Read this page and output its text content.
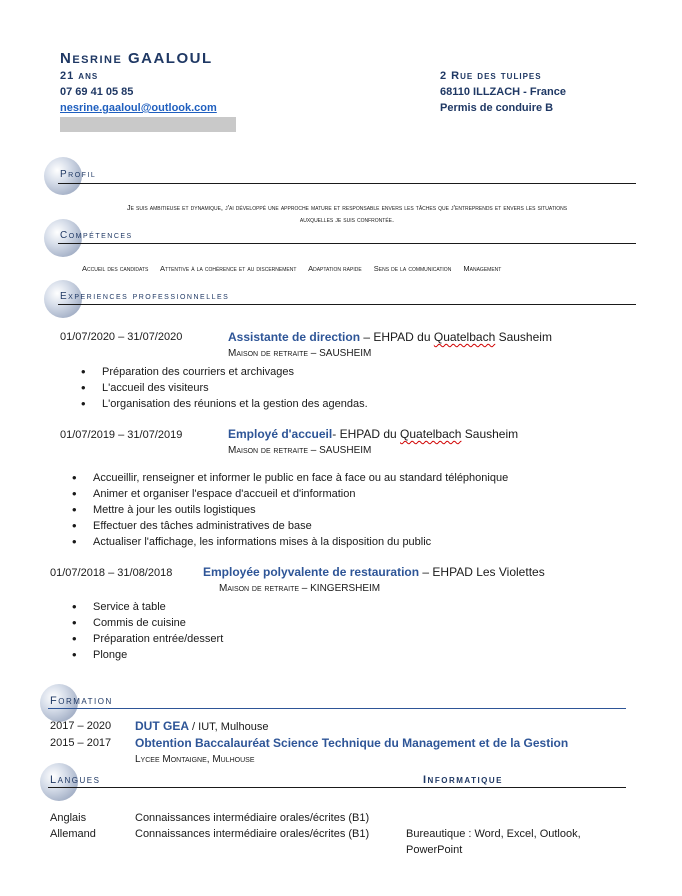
Nesrine GAALOUL
21 ans
07 69 41 05 85
nesrine.gaaloul@outlook.com
2 Rue des tulipes
68110 ILLZACH - France
Permis de conduire B
Profil
Je suis ambitieuse et dynamique, j'ai développé une approche mature et responsable envers les tâches que j'entreprends et envers les situations
auxquelles je suis confrontée.
Compétences
Accueil des candidats Attentive à la cohérence et au discernement Adaptation rapide Sens de la communication Management
Experiences professionnelles
01/07/2020 – 31/07/2020	Assistante de direction – EHPAD du Quatelbach Sausheim
Maison de retraite – SAUSHEIM
• Préparation des courriers et archivages
• L'accueil des visiteurs
• L'organisation des réunions et la gestion des agendas.
01/07/2019 – 31/07/2019	Employé d'accueil- EHPAD du Quatelbach Sausheim
Maison de retraite – SAUSHEIM
• Accueillir, renseigner et informer le public en face à face ou au standard téléphonique
• Animer et organiser l'espace d'accueil et d'information
• Mettre à jour les outils logistiques
• Effectuer des tâches administratives de base
• Actualiser l'affichage, les informations mises à la disposition du public
01/07/2018 – 31/08/2018	Employée polyvalente de restauration – EHPAD Les Violettes
Maison de retraite – KINGERSHEIM
• Service à table
• Commis de cuisine
• Préparation entrée/dessert
• Plonge
Formation
2017 – 2020 DUT GEA / IUT, Mulhouse
2015 – 2017 Obtention Baccalauréat Science Technique du Management et de la Gestion
Lycee Montaigne, Mulhouse
Langues	Informatique
Anglais	Connaissances intermédiaire orales/écrites (B1)
Allemand	Connaissances intermédiaire orales/écrites (B1)	Bureautique : Word, Excel, Outlook,
PowerPoint
